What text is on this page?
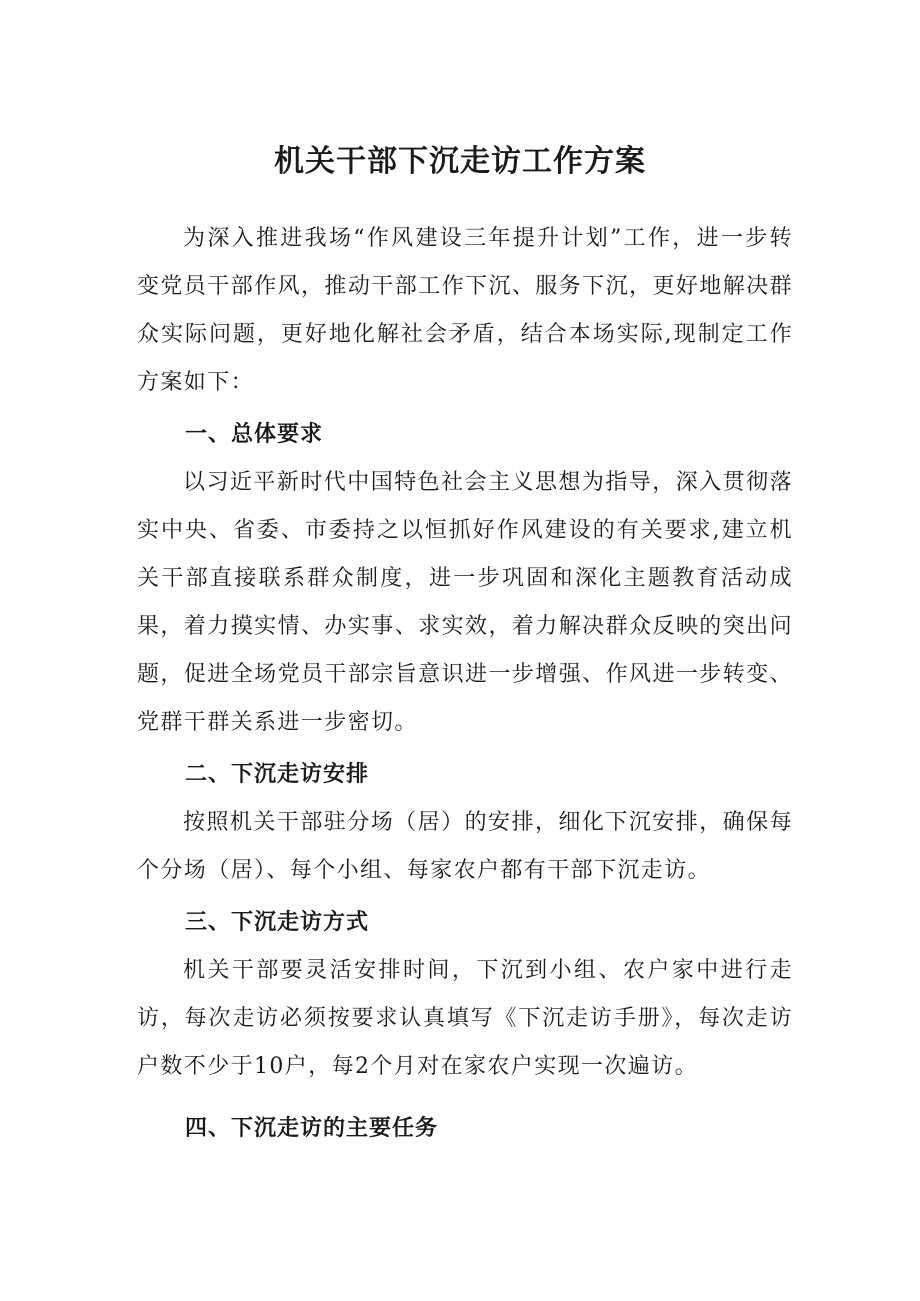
机关干部下沉走访工作方案

为深入推进我场“作风建设三年提升计划”工作，进一步转变党员干部作风，推动干部工作下沉、服务下沉，更好地解决群众实际问题，更好地化解社会矛盾，结合本场实际,现制定工作方案如下：

一、总体要求

以习近平新时代中国特色社会主义思想为指导，深入贯彻落实中央、省委、市委持之以恒抓好作风建设的有关要求,建立机关干部直接联系群众制度，进一步巩固和深化主题教育活动成果，着力摸实情、办实事、求实效，着力解决群众反映的突出问题，促进全场党员干部宗旨意识进一步增强、作风进一步转变、党群干群关系进一步密切。

二、下沉走访安排

按照机关干部驻分场（居）的安排，细化下沉安排，确保每个分场（居）、每个小组、每家农户都有干部下沉走访。

三、下沉走访方式

机关干部要灵活安排时间，下沉到小组、农户家中进行走访，每次走访必须按要求认真填写《下沉走访手册》，每次走访户数不少于10户，每2个月对在家农户实现一次遍访。

四、下沉走访的主要任务
